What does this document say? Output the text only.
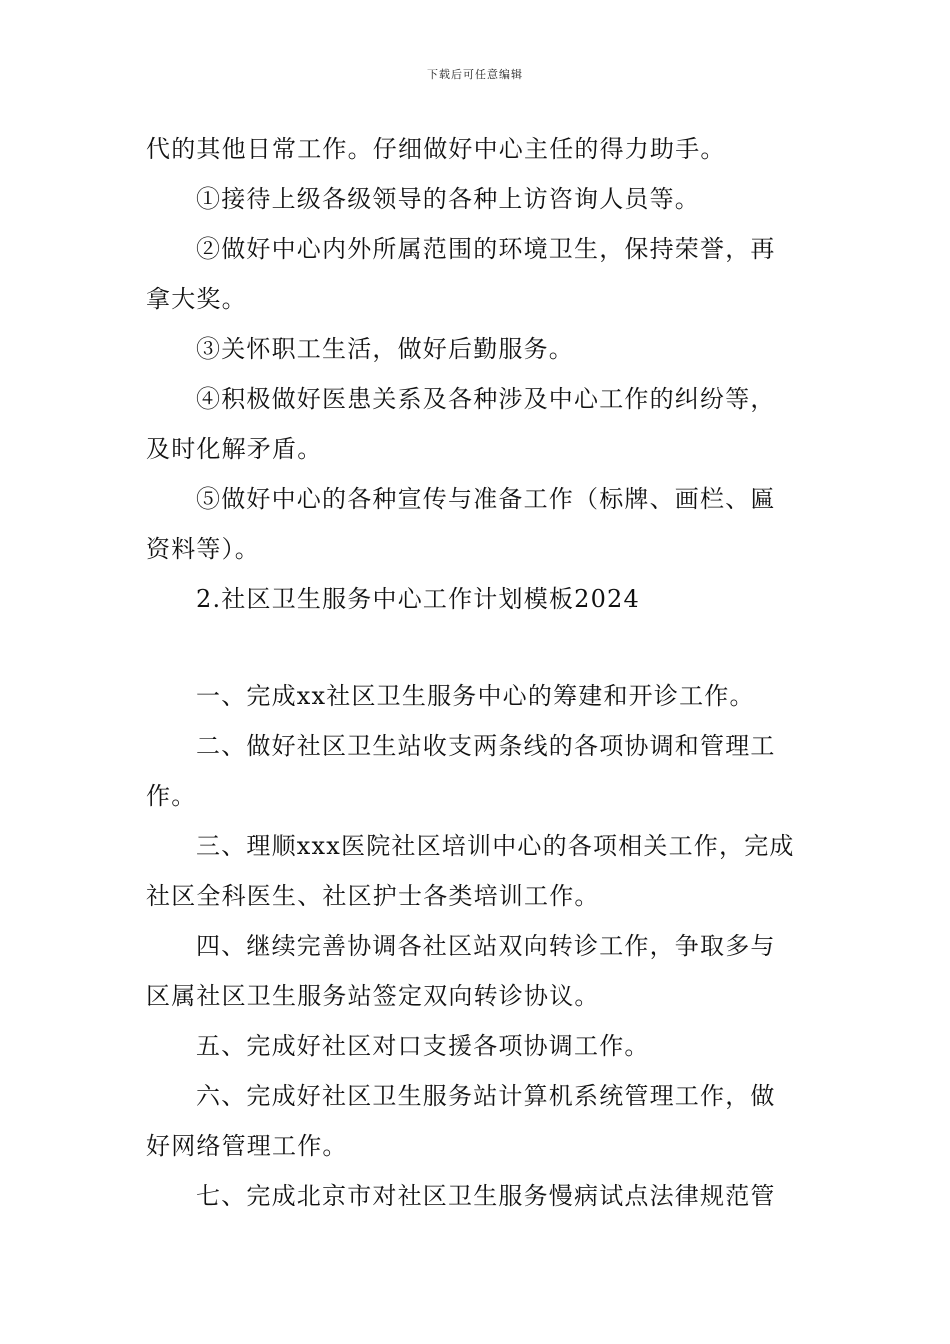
下载后可任意编辑
代的其他日常工作。仔细做好中心主任的得力助手。
①接待上级各级领导的各种上访咨询人员等。
②做好中心内外所属范围的环境卫生，保持荣誉，再
拿大奖。
③关怀职工生活，做好后勤服务。
④积极做好医患关系及各种涉及中心工作的纠纷等，
及时化解矛盾。
⑤做好中心的各种宣传与准备工作（标牌、画栏、匾
资料等）。
2.社区卫生服务中心工作计划模板2024
一、完成xx社区卫生服务中心的筹建和开诊工作。
二、做好社区卫生站收支两条线的各项协调和管理工
作。
三、理顺xxx医院社区培训中心的各项相关工作，完成
社区全科医生、社区护士各类培训工作。
四、继续完善协调各社区站双向转诊工作，争取多与
区属社区卫生服务站签定双向转诊协议。
五、完成好社区对口支援各项协调工作。
六、完成好社区卫生服务站计算机系统管理工作，做
好网络管理工作。
七、完成北京市对社区卫生服务慢病试点法律规范管
